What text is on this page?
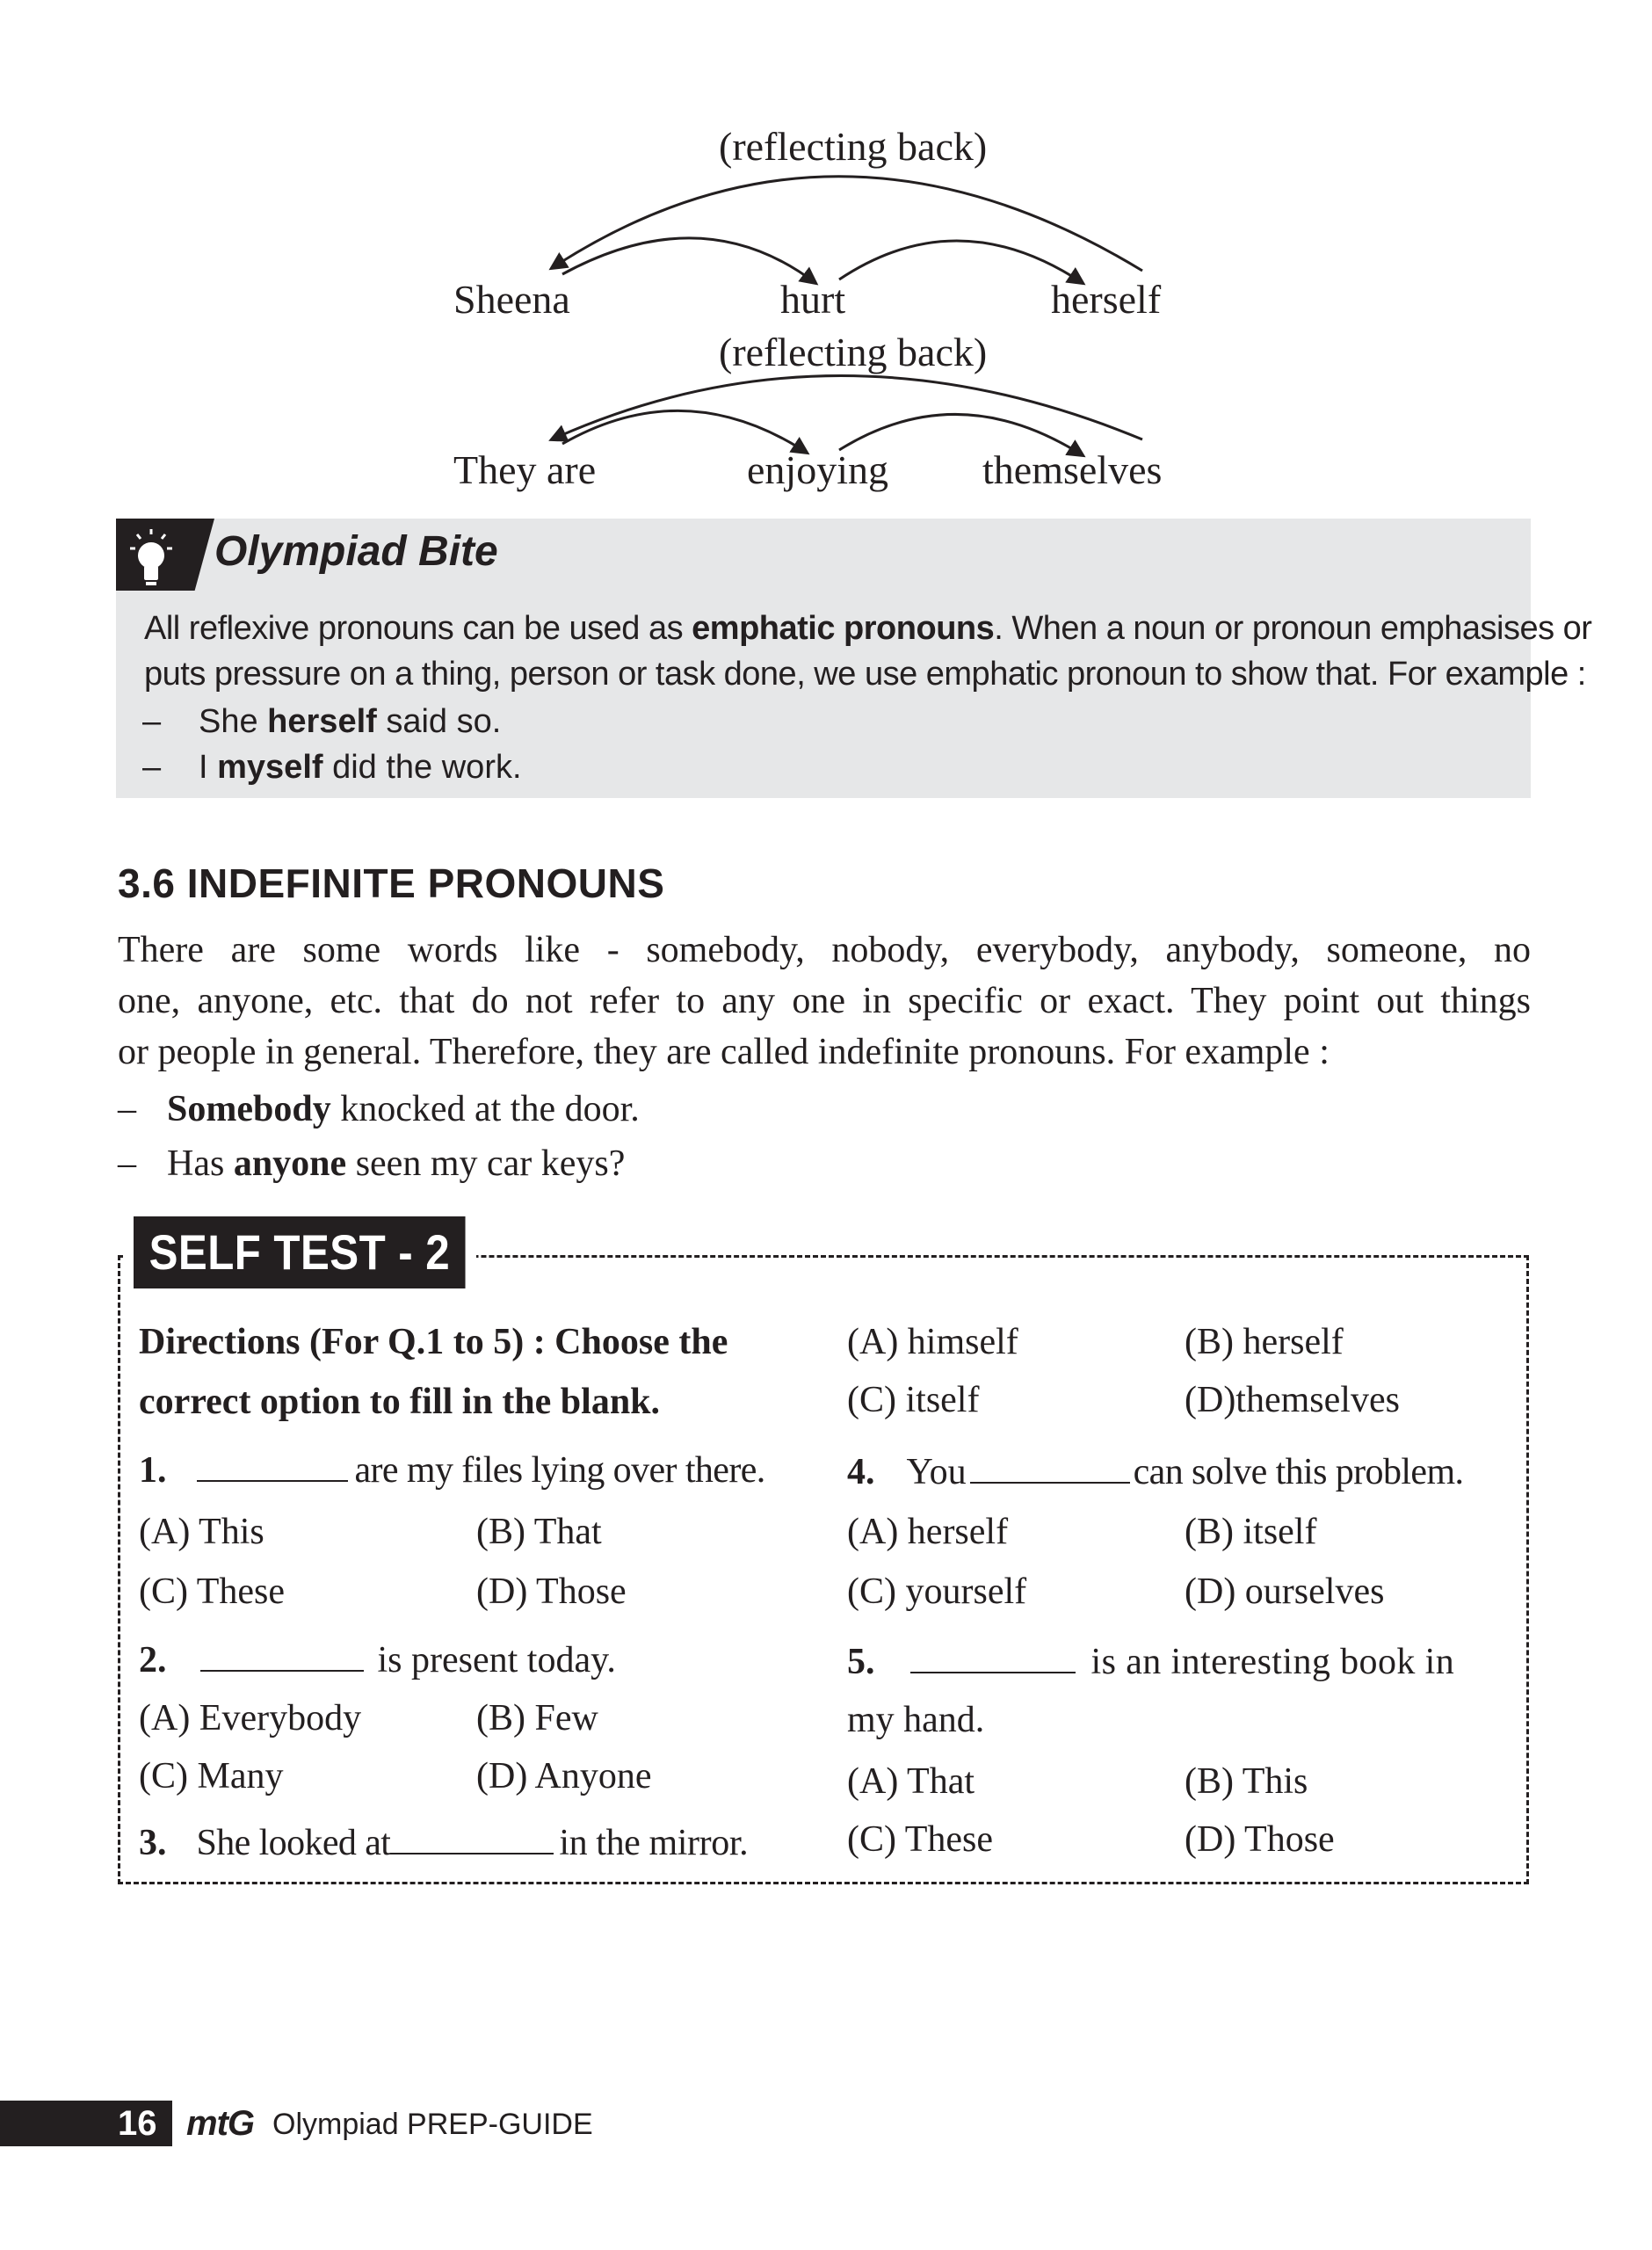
(reflecting back)
Sheena	hurt	herself
(reflecting back)
They are	enjoying themselves
Olympiad Bite
All reflexive pronouns can be used as emphatic pronouns. When a noun or pronoun emphasises or
puts pressure on a thing, person or task done, we use emphatic pronoun to show that. For example :
– She herself said so.
– I myself did the work.
3.6 INDEFINITE PRONOUNS
There are some words like - somebody, nobody, everybody, anybody, someone, no
one, anyone, etc. that do not refer to any one in specific or exact. They point out things
or people in general. Therefore, they are called indefinite pronouns. For example :
– Somebody knocked at the door.
– Has anyone seen my car keys?
SELF TEST - 2
Directions (For Q.1 to 5) : Choose the
correct option to fill in the blank.
1.	are my files lying over there.
(A) This	(B) That
(C) These	(D) Those
2.	is present today.
(A) Everybody	(B) Few
(C) Many	(D) Anyone
3. She looked at	in the mirror.
(A) himself	(B) herself
(C) itself	(D)themselves
4. You	can solve this problem.
(A) herself	(B) itself
(C) yourself	(D) ourselves
5.	is an interesting book in
my hand.
(A) That	(B) This
(C) These	(D) Those
16 mtG Olympiad PREP-GUIDE
